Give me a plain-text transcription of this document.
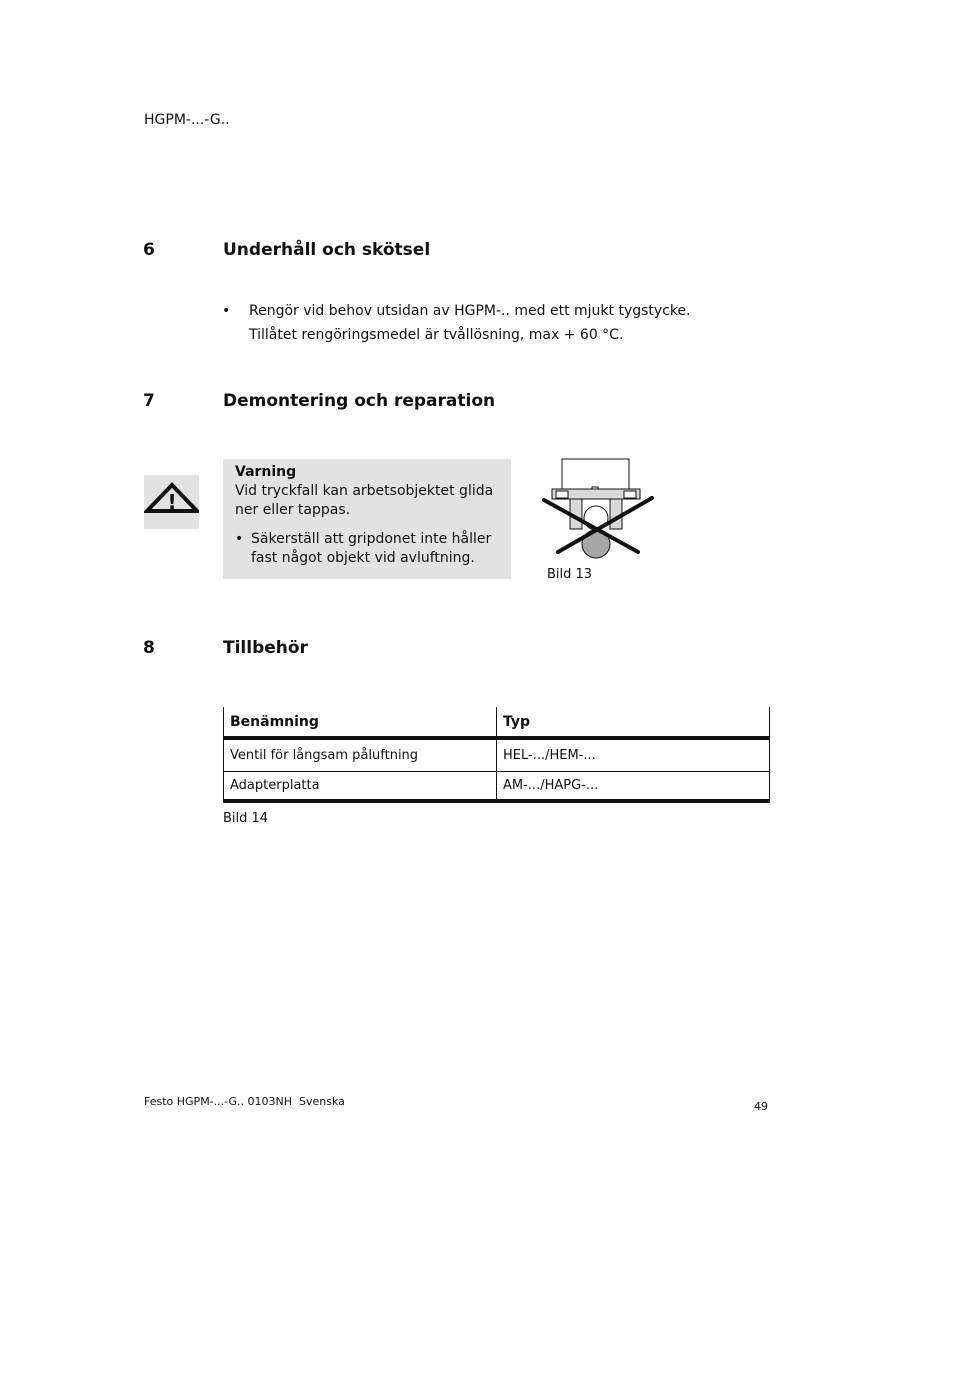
HGPM-...-G..
6	Underhåll och skötsel
• Rengör vid behov utsidan av HGPM-.. med ett mjukt tygstycke.
Tillåtet rengöringsmedel är tvållösning, max + 60 °C.
7	Demontering och reparation
!
Varning
Vid tryckfall kan arbetsobjektet glida ner eller tappas.
• Säkerställ att gripdonet inte håller fast något objekt vid avluftning.
Bild 13
8	Tillbehör
Benämning	Typ
Ventil för långsam påluftning	HEL-.../HEM-...
Adapterplatta	AM-.../HAPG-...
Bild 14
Festo HGPM-...-G.. 0103NH  Svenska	49
